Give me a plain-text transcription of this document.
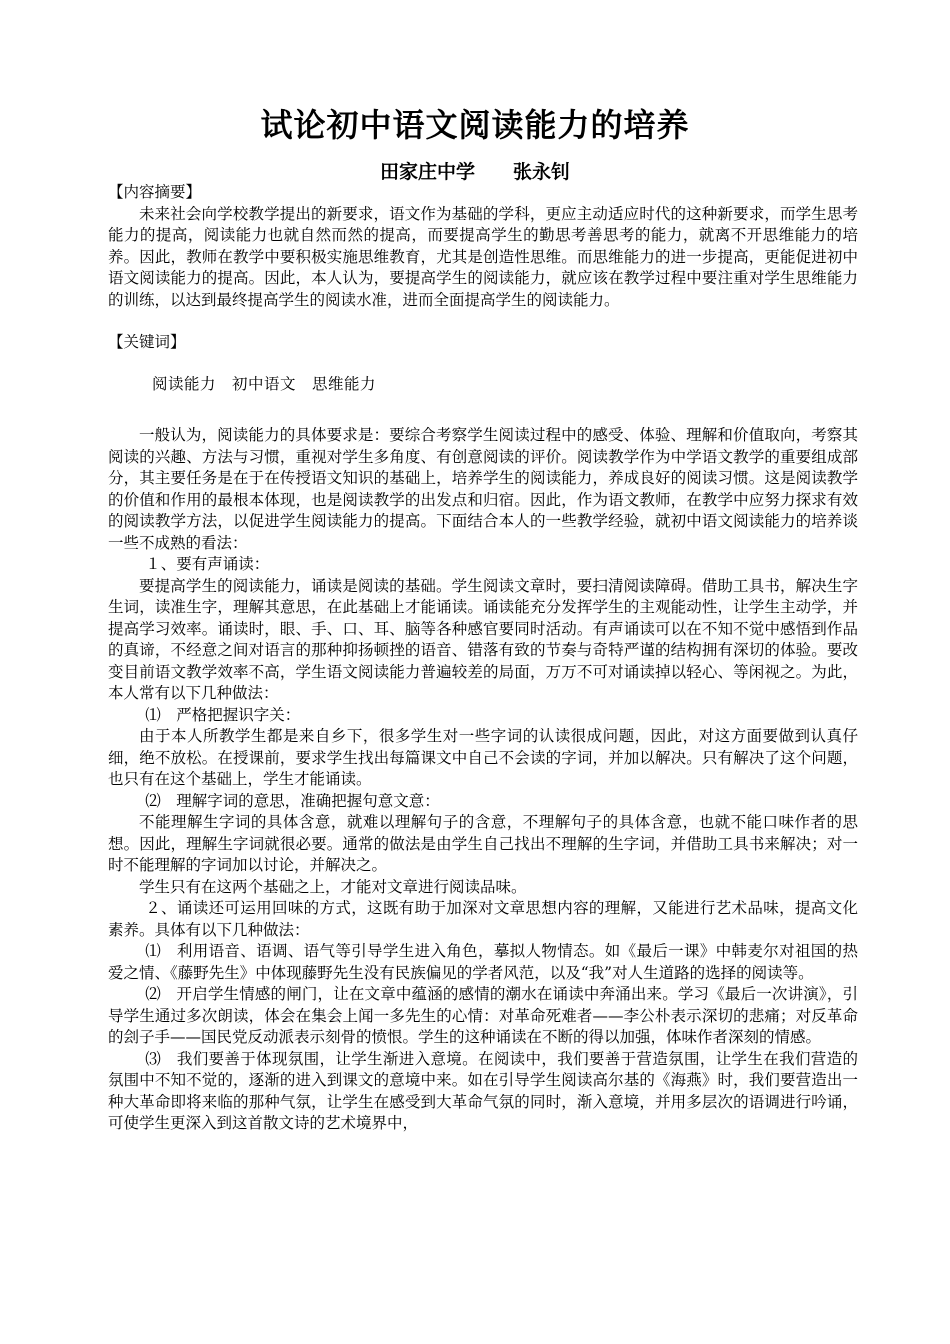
试论初中语文阅读能力的培养
田家庄中学 张永钊

【内容摘要】

未来社会向学校教学提出的新要求，语文作为基础的学科，更应主动适应时代的这种新要求，而学生思考能力的提高，阅读能力也就自然而然的提高，而要提高学生的勤思考善思考的能力，就离不开思维能力的培养。因此，教师在教学中要积极实施思维教育，尤其是创造性思维。而思维能力的进一步提高，更能促进初中语文阅读能力的提高。因此，本人认为，要提高学生的阅读能力，就应该在教学过程中要注重对学生思维能力的训练，以达到最终提高学生的阅读水准，进而全面提高学生的阅读能力。

【关键词】

阅读能力　初中语文　思维能力

一般认为，阅读能力的具体要求是：要综合考察学生阅读过程中的感受、体验、理解和价值取向，考察其阅读的兴趣、方法与习惯，重视对学生多角度、有创意阅读的评价。阅读教学作为中学语文教学的重要组成部分，其主要任务是在于在传授语文知识的基础上，培养学生的阅读能力，养成良好的阅读习惯。这是阅读教学的价值和作用的最根本体现，也是阅读教学的出发点和归宿。因此，作为语文教师，在教学中应努力探求有效的阅读教学方法，以促进学生阅读能力的提高。下面结合本人的一些教学经验，就初中语文阅读能力的培养谈一些不成熟的看法：

１、要有声诵读：

要提高学生的阅读能力，诵读是阅读的基础。学生阅读文章时，要扫清阅读障碍。借助工具书，解决生字生词，读准生字，理解其意思，在此基础上才能诵读。诵读能充分发挥学生的主观能动性，让学生主动学，并提高学习效率。诵读时，眼、手、口、耳、脑等各种感官要同时活动。有声诵读可以在不知不觉中感悟到作品的真谛，不经意之间对语言的那种抑扬顿挫的语音、错落有致的节奏与奇特严谨的结构拥有深切的体验。要改变目前语文教学效率不高，学生语文阅读能力普遍较差的局面，万万不可对诵读掉以轻心、等闲视之。为此，本人常有以下几种做法：

⑴　严格把握识字关：

由于本人所教学生都是来自乡下，很多学生对一些字词的认读很成问题，因此，对这方面要做到认真仔细，绝不放松。在授课前，要求学生找出每篇课文中自己不会读的字词，并加以解决。只有解决了这个问题，也只有在这个基础上，学生才能诵读。

⑵　理解字词的意思，准确把握句意文意：

不能理解生字词的具体含意，就难以理解句子的含意，不理解句子的具体含意，也就不能口味作者的思想。因此，理解生字词就很必要。通常的做法是由学生自己找出不理解的生字词，并借助工具书来解决；对一时不能理解的字词加以讨论，并解决之。

学生只有在这两个基础之上，才能对文章进行阅读品味。

２、诵读还可运用回味的方式，这既有助于加深对文章思想内容的理解，又能进行艺术品味，提高文化素养。具体有以下几种做法：

⑴　利用语音、语调、语气等引导学生进入角色，摹拟人物情态。如《最后一课》中韩麦尔对祖国的热爱之情、《藤野先生》中体现藤野先生没有民族偏见的学者风范，以及“我”对人生道路的选择的阅读等。

⑵　开启学生情感的闸门，让在文章中蕴涵的感情的潮水在诵读中奔涌出来。学习《最后一次讲演》，引导学生通过多次朗读，体会在集会上闻一多先生的心情：对革命死难者——李公朴表示深切的悲痛；对反革命的刽子手——国民党反动派表示刻骨的愤恨。学生的这种诵读在不断的得以加强，体味作者深刻的情感。

⑶　我们要善于体现氛围，让学生渐进入意境。在阅读中，我们要善于营造氛围，让学生在我们营造的氛围中不知不觉的，逐渐的进入到课文的意境中来。如在引导学生阅读高尔基的《海燕》时，我们要营造出一种大革命即将来临的那种气氛，让学生在感受到大革命气氛的同时，渐入意境，并用多层次的语调进行吟诵，可使学生更深入到这首散文诗的艺术境界中，
